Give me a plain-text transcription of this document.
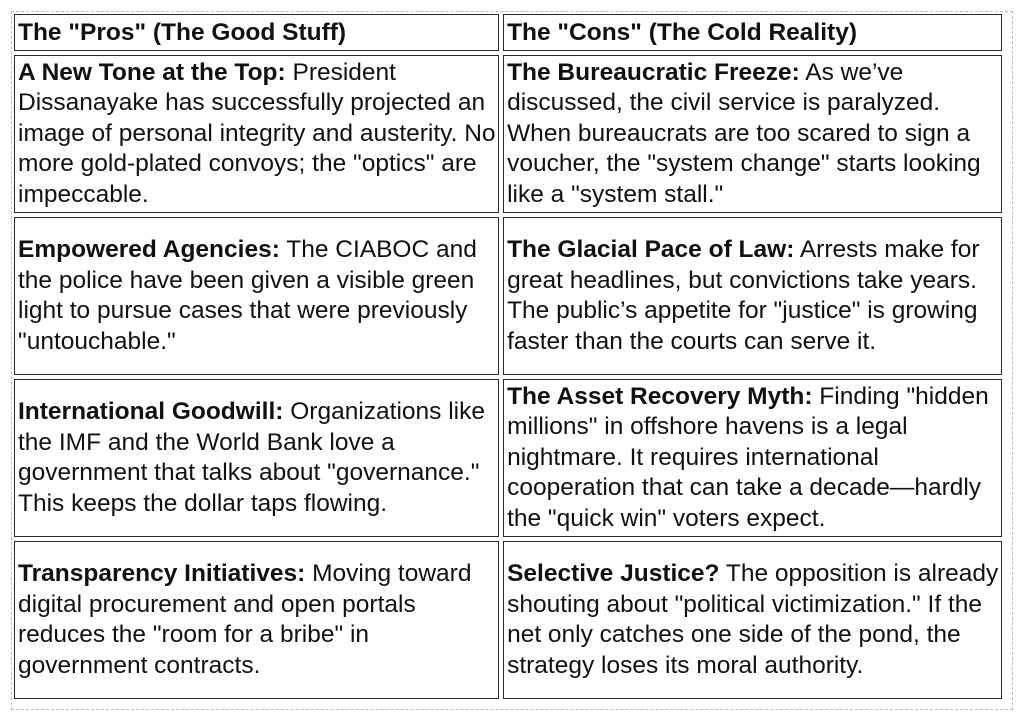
The "Pros" (The Good Stuff)	The "Cons" (The Cold Reality)
A New Tone at the Top: President Dissanayake has successfully projected an image of personal integrity and austerity. No more gold-plated convoys; the "optics" are impeccable.	The Bureaucratic Freeze: As we’ve discussed, the civil service is paralyzed. When bureaucrats are too scared to sign a voucher, the "system change" starts looking like a "system stall."
Empowered Agencies: The CIABOC and the police have been given a visible green light to pursue cases that were previously "untouchable."	The Glacial Pace of Law: Arrests make for great headlines, but convictions take years. The public’s appetite for "justice" is growing faster than the courts can serve it.
International Goodwill: Organizations like the IMF and the World Bank love a government that talks about "governance." This keeps the dollar taps flowing.	The Asset Recovery Myth: Finding "hidden millions" in offshore havens is a legal nightmare. It requires international cooperation that can take a decade—hardly the "quick win" voters expect.
Transparency Initiatives: Moving toward digital procurement and open portals reduces the "room for a bribe" in government contracts.	Selective Justice? The opposition is already shouting about "political victimization." If the net only catches one side of the pond, the strategy loses its moral authority.
